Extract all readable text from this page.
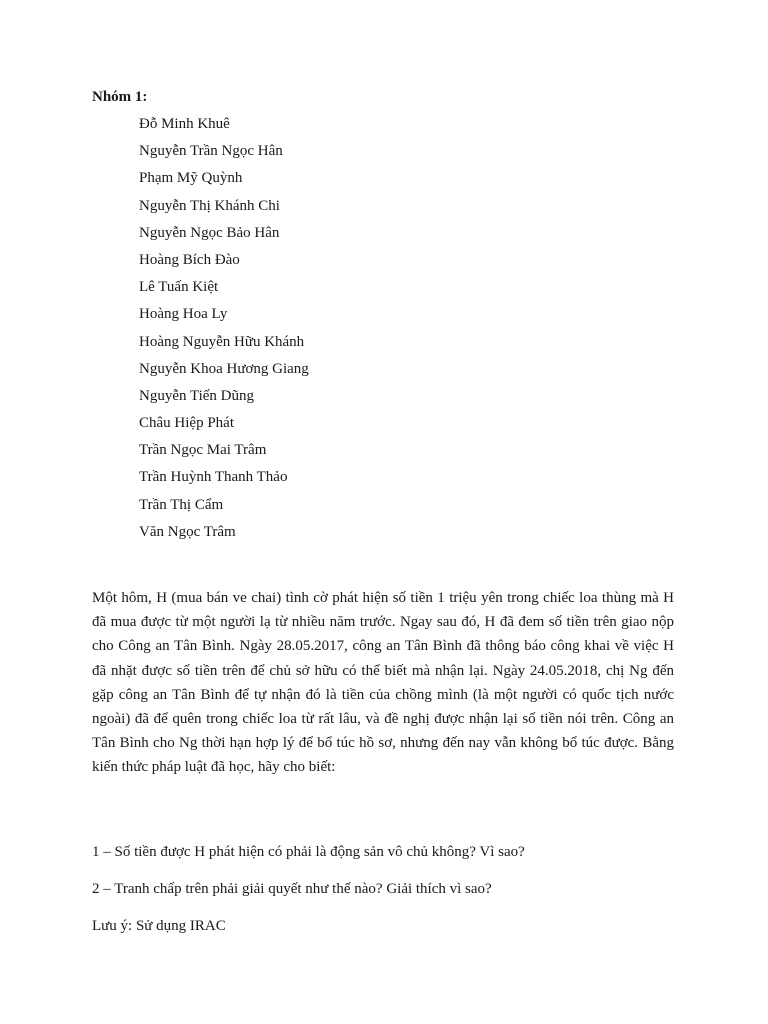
Nhóm 1:

Đỗ Minh Khuê
Nguyễn Trần Ngọc Hân
Phạm Mỹ Quỳnh
Nguyễn Thị Khánh Chi
Nguyễn Ngọc Bảo Hân
Hoàng Bích Đào
Lê Tuấn Kiệt
Hoàng Hoa Ly
Hoàng Nguyễn Hữu Khánh
Nguyễn Khoa Hương Giang
Nguyễn Tiến Dũng
Châu Hiệp Phát
Trần Ngọc Mai Trâm
Trần Huỳnh Thanh Thảo
Trần Thị Cẩm
Văn Ngọc Trâm

Một hôm, H (mua bán ve chai) tình cờ phát hiện số tiền 1 triệu yên trong chiếc loa thùng mà H đã mua được từ một người lạ từ nhiều năm trước. Ngay sau đó, H đã đem số tiền trên giao nộp cho Công an Tân Bình. Ngày 28.05.2017, công an Tân Bình đã thông báo công khai về việc H đã nhặt được số tiền trên để chủ sở hữu có thể biết mà nhận lại. Ngày 24.05.2018, chị Ng đến gặp công an Tân Bình để tự nhận đó là tiền của chồng mình (là một người có quốc tịch nước ngoài) đã để quên trong chiếc loa từ rất lâu, và đề nghị được nhận lại số tiền nói trên. Công an Tân Bình cho Ng thời hạn hợp lý để bổ túc hồ sơ, nhưng đến nay vẫn không bổ túc được. Bằng kiến thức pháp luật đã học, hãy cho biết:

1 – Số tiền được H phát hiện có phải là động sản vô chủ không? Vì sao?

2 – Tranh chấp trên phải giải quyết như thế nào? Giải thích vì sao?

Lưu ý: Sử dụng IRAC
